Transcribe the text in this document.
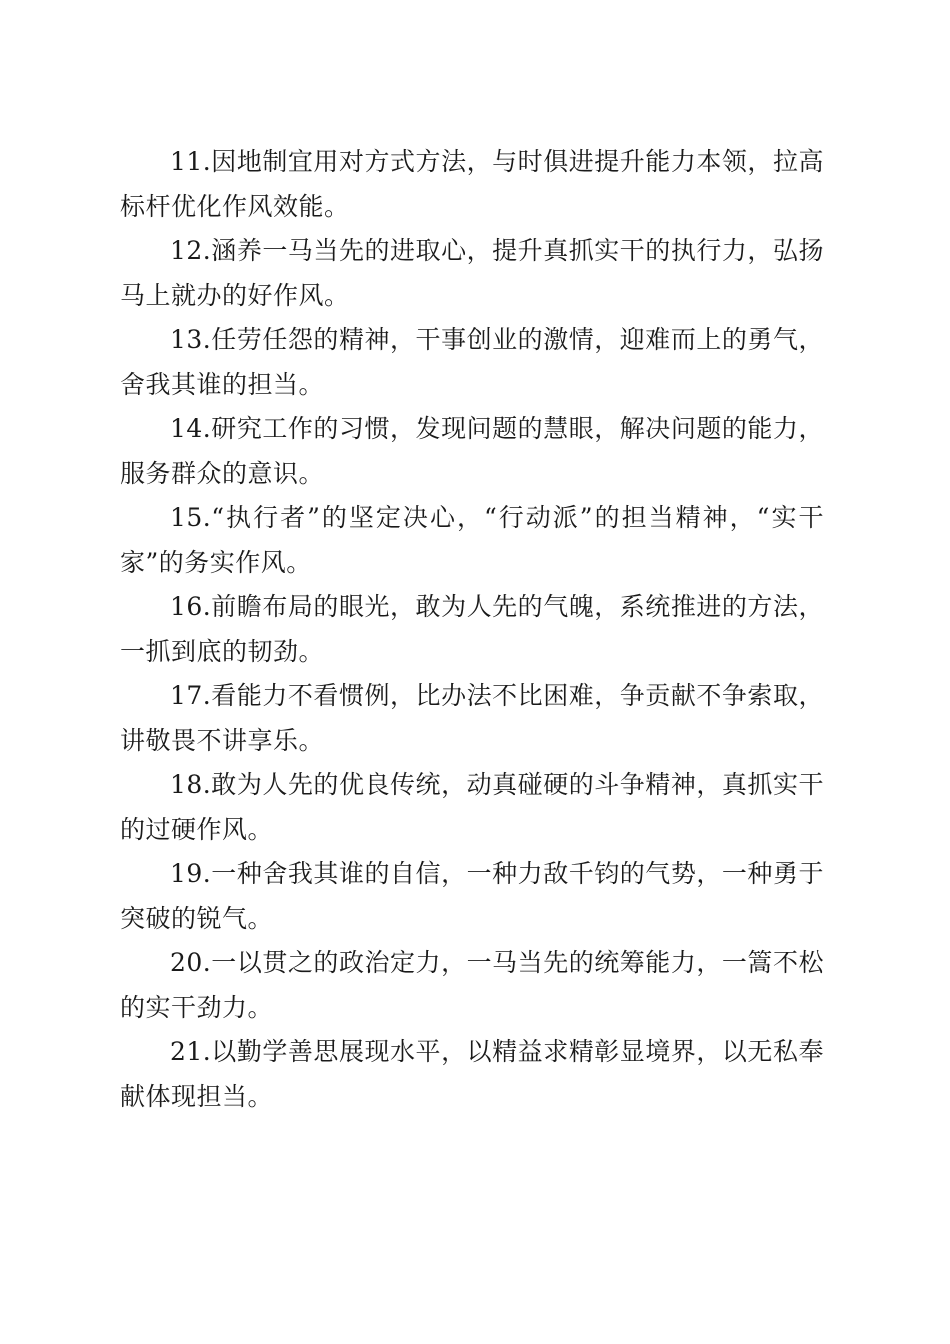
11.因地制宜用对方式方法，与时俱进提升能力本领，拉高标杆优化作风效能。

12.涵养一马当先的进取心，提升真抓实干的执行力，弘扬马上就办的好作风。

13.任劳任怨的精神，干事创业的激情，迎难而上的勇气，舍我其谁的担当。

14.研究工作的习惯，发现问题的慧眼，解决问题的能力，服务群众的意识。

15.“执行者”的坚定决心，“行动派”的担当精神，“实干家”的务实作风。

16.前瞻布局的眼光，敢为人先的气魄，系统推进的方法，一抓到底的韧劲。

17.看能力不看惯例，比办法不比困难，争贡献不争索取，讲敬畏不讲享乐。

18.敢为人先的优良传统，动真碰硬的斗争精神，真抓实干的过硬作风。

19.一种舍我其谁的自信，一种力敌千钧的气势，一种勇于突破的锐气。

20.一以贯之的政治定力，一马当先的统筹能力，一篙不松的实干劲力。

21.以勤学善思展现水平，以精益求精彰显境界，以无私奉献体现担当。
